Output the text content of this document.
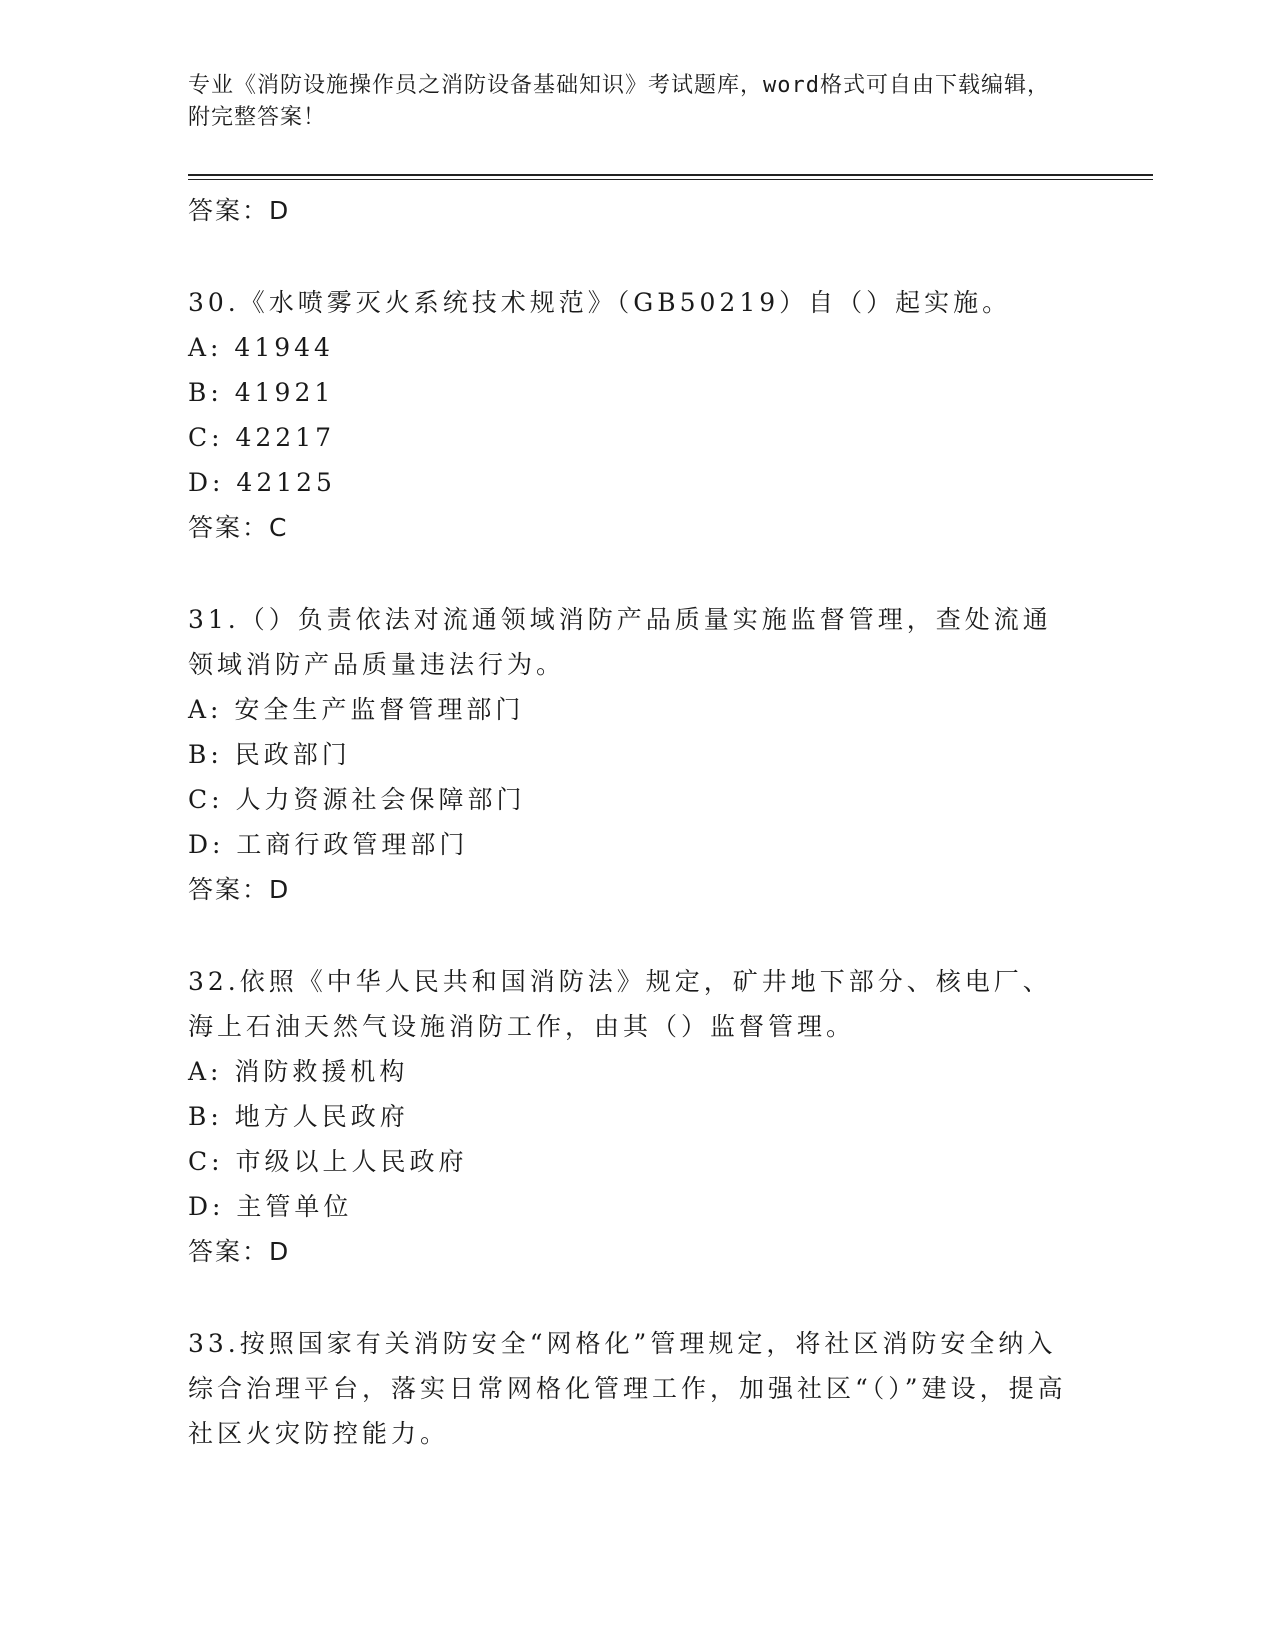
专业《消防设施操作员之消防设备基础知识》考试题库，word格式可自由下载编辑，附完整答案！

答案：D

30.《水喷雾灭火系统技术规范》（GB50219）自（）起实施。

A: 41944
B: 41921
C: 42217
D: 42125

答案：C

31.（）负责依法对流通领域消防产品质量实施监督管理，查处流通领域消防产品质量违法行为。

A: 安全生产监督管理部门
B: 民政部门
C: 人力资源社会保障部门
D: 工商行政管理部门

答案：D

32.依照《中华人民共和国消防法》规定，矿井地下部分、核电厂、海上石油天然气设施消防工作，由其（）监督管理。

A: 消防救援机构
B: 地方人民政府
C: 市级以上人民政府
D: 主管单位

答案：D

33.按照国家有关消防安全“网格化”管理规定，将社区消防安全纳入综合治理平台，落实日常网格化管理工作，加强社区“（）”建设，提高社区火灾防控能力。
